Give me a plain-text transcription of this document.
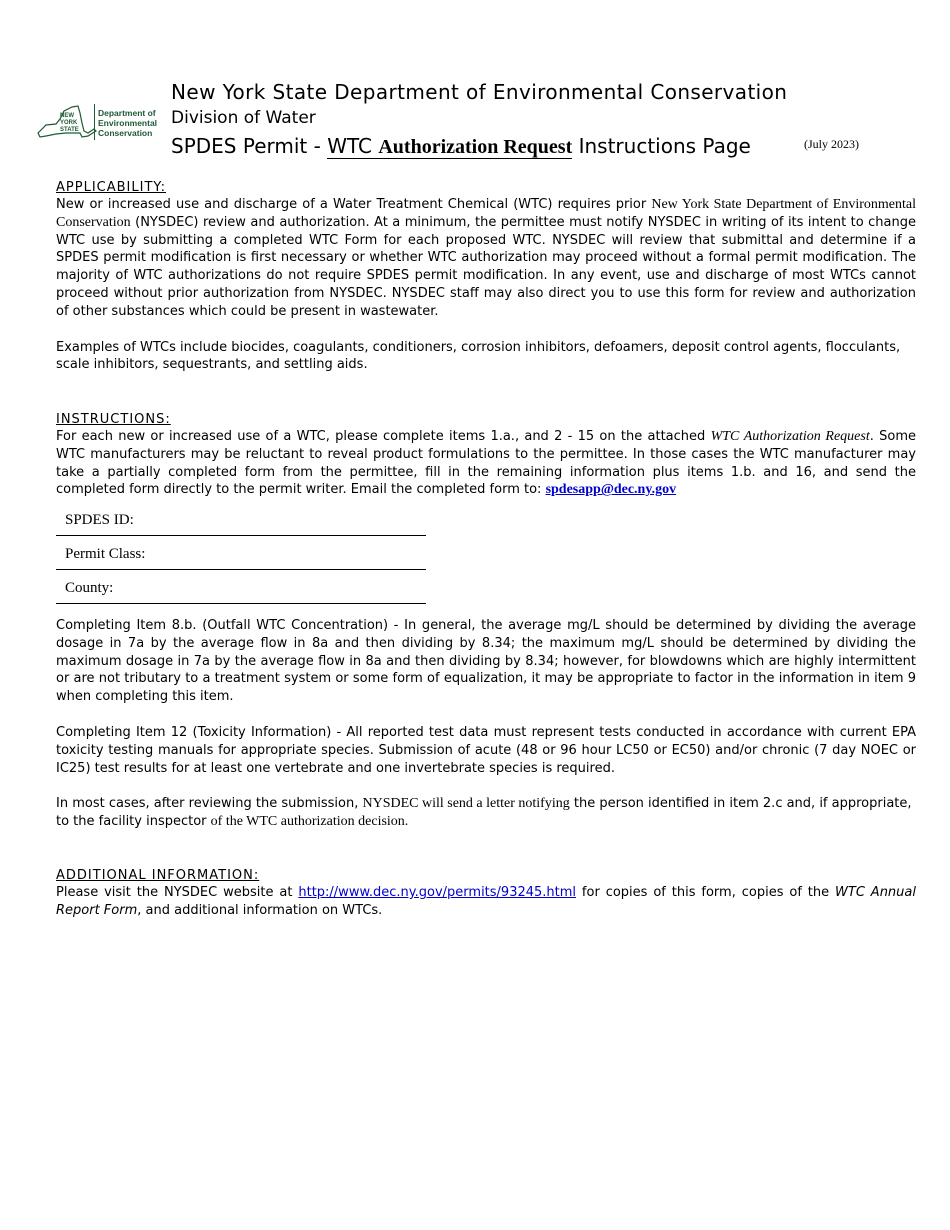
NEW
YORK
STATE
Department of
Environmental
Conservation
New York State Department of Environmental Conservation
Division of Water
SPDES Permit - WTC Authorization Request Instructions Page	(July 2023)
APPLICABILITY:
New or increased use and discharge of a Water Treatment Chemical (WTC) requires prior New York State Department of Environmental Conservation (NYSDEC) review and authorization. At a minimum, the permittee must notify NYSDEC in writing of its intent to change WTC use by submitting a completed WTC Form for each proposed WTC. NYSDEC will review that submittal and determine if a SPDES permit modification is first necessary or whether WTC authorization may proceed without a formal permit modification. The majority of WTC authorizations do not require SPDES permit modification. In any event, use and discharge of most WTCs cannot proceed without prior authorization from NYSDEC. NYSDEC staff may also direct you to use this form for review and authorization of other substances which could be present in wastewater.
Examples of WTCs include biocides, coagulants, conditioners, corrosion inhibitors, defoamers, deposit control agents, flocculants, scale inhibitors, sequestrants, and settling aids.
INSTRUCTIONS:
For each new or increased use of a WTC, please complete items 1.a., and 2 - 15 on the attached WTC Authorization Request. Some WTC manufacturers may be reluctant to reveal product formulations to the permittee. In those cases the WTC manufacturer may take a partially completed form from the permittee, fill in the remaining information plus items 1.b. and 16, and send the completed form directly to the permit writer. Email the completed form to: spdesapp@dec.ny.gov
SPDES ID:
Permit Class:
County:
Completing Item 8.b. (Outfall WTC Concentration) - In general, the average mg/L should be determined by dividing the average dosage in 7a by the average flow in 8a and then dividing by 8.34; the maximum mg/L should be determined by dividing the maximum dosage in 7a by the average flow in 8a and then dividing by 8.34; however, for blowdowns which are highly intermittent or are not tributary to a treatment system or some form of equalization, it may be appropriate to factor in the information in item 9 when completing this item.
Completing Item 12 (Toxicity Information) - All reported test data must represent tests conducted in accordance with current EPA toxicity testing manuals for appropriate species. Submission of acute (48 or 96 hour LC50 or EC50) and/or chronic (7 day NOEC or IC25) test results for at least one vertebrate and one invertebrate species is required.
In most cases, after reviewing the submission, NYSDEC will send a letter notifying the person identified in item 2.c and, if appropriate, to the facility inspector of the WTC authorization decision.
ADDITIONAL INFORMATION:
Please visit the NYSDEC website at http://www.dec.ny.gov/permits/93245.html for copies of this form, copies of the WTC Annual Report Form, and additional information on WTCs.
